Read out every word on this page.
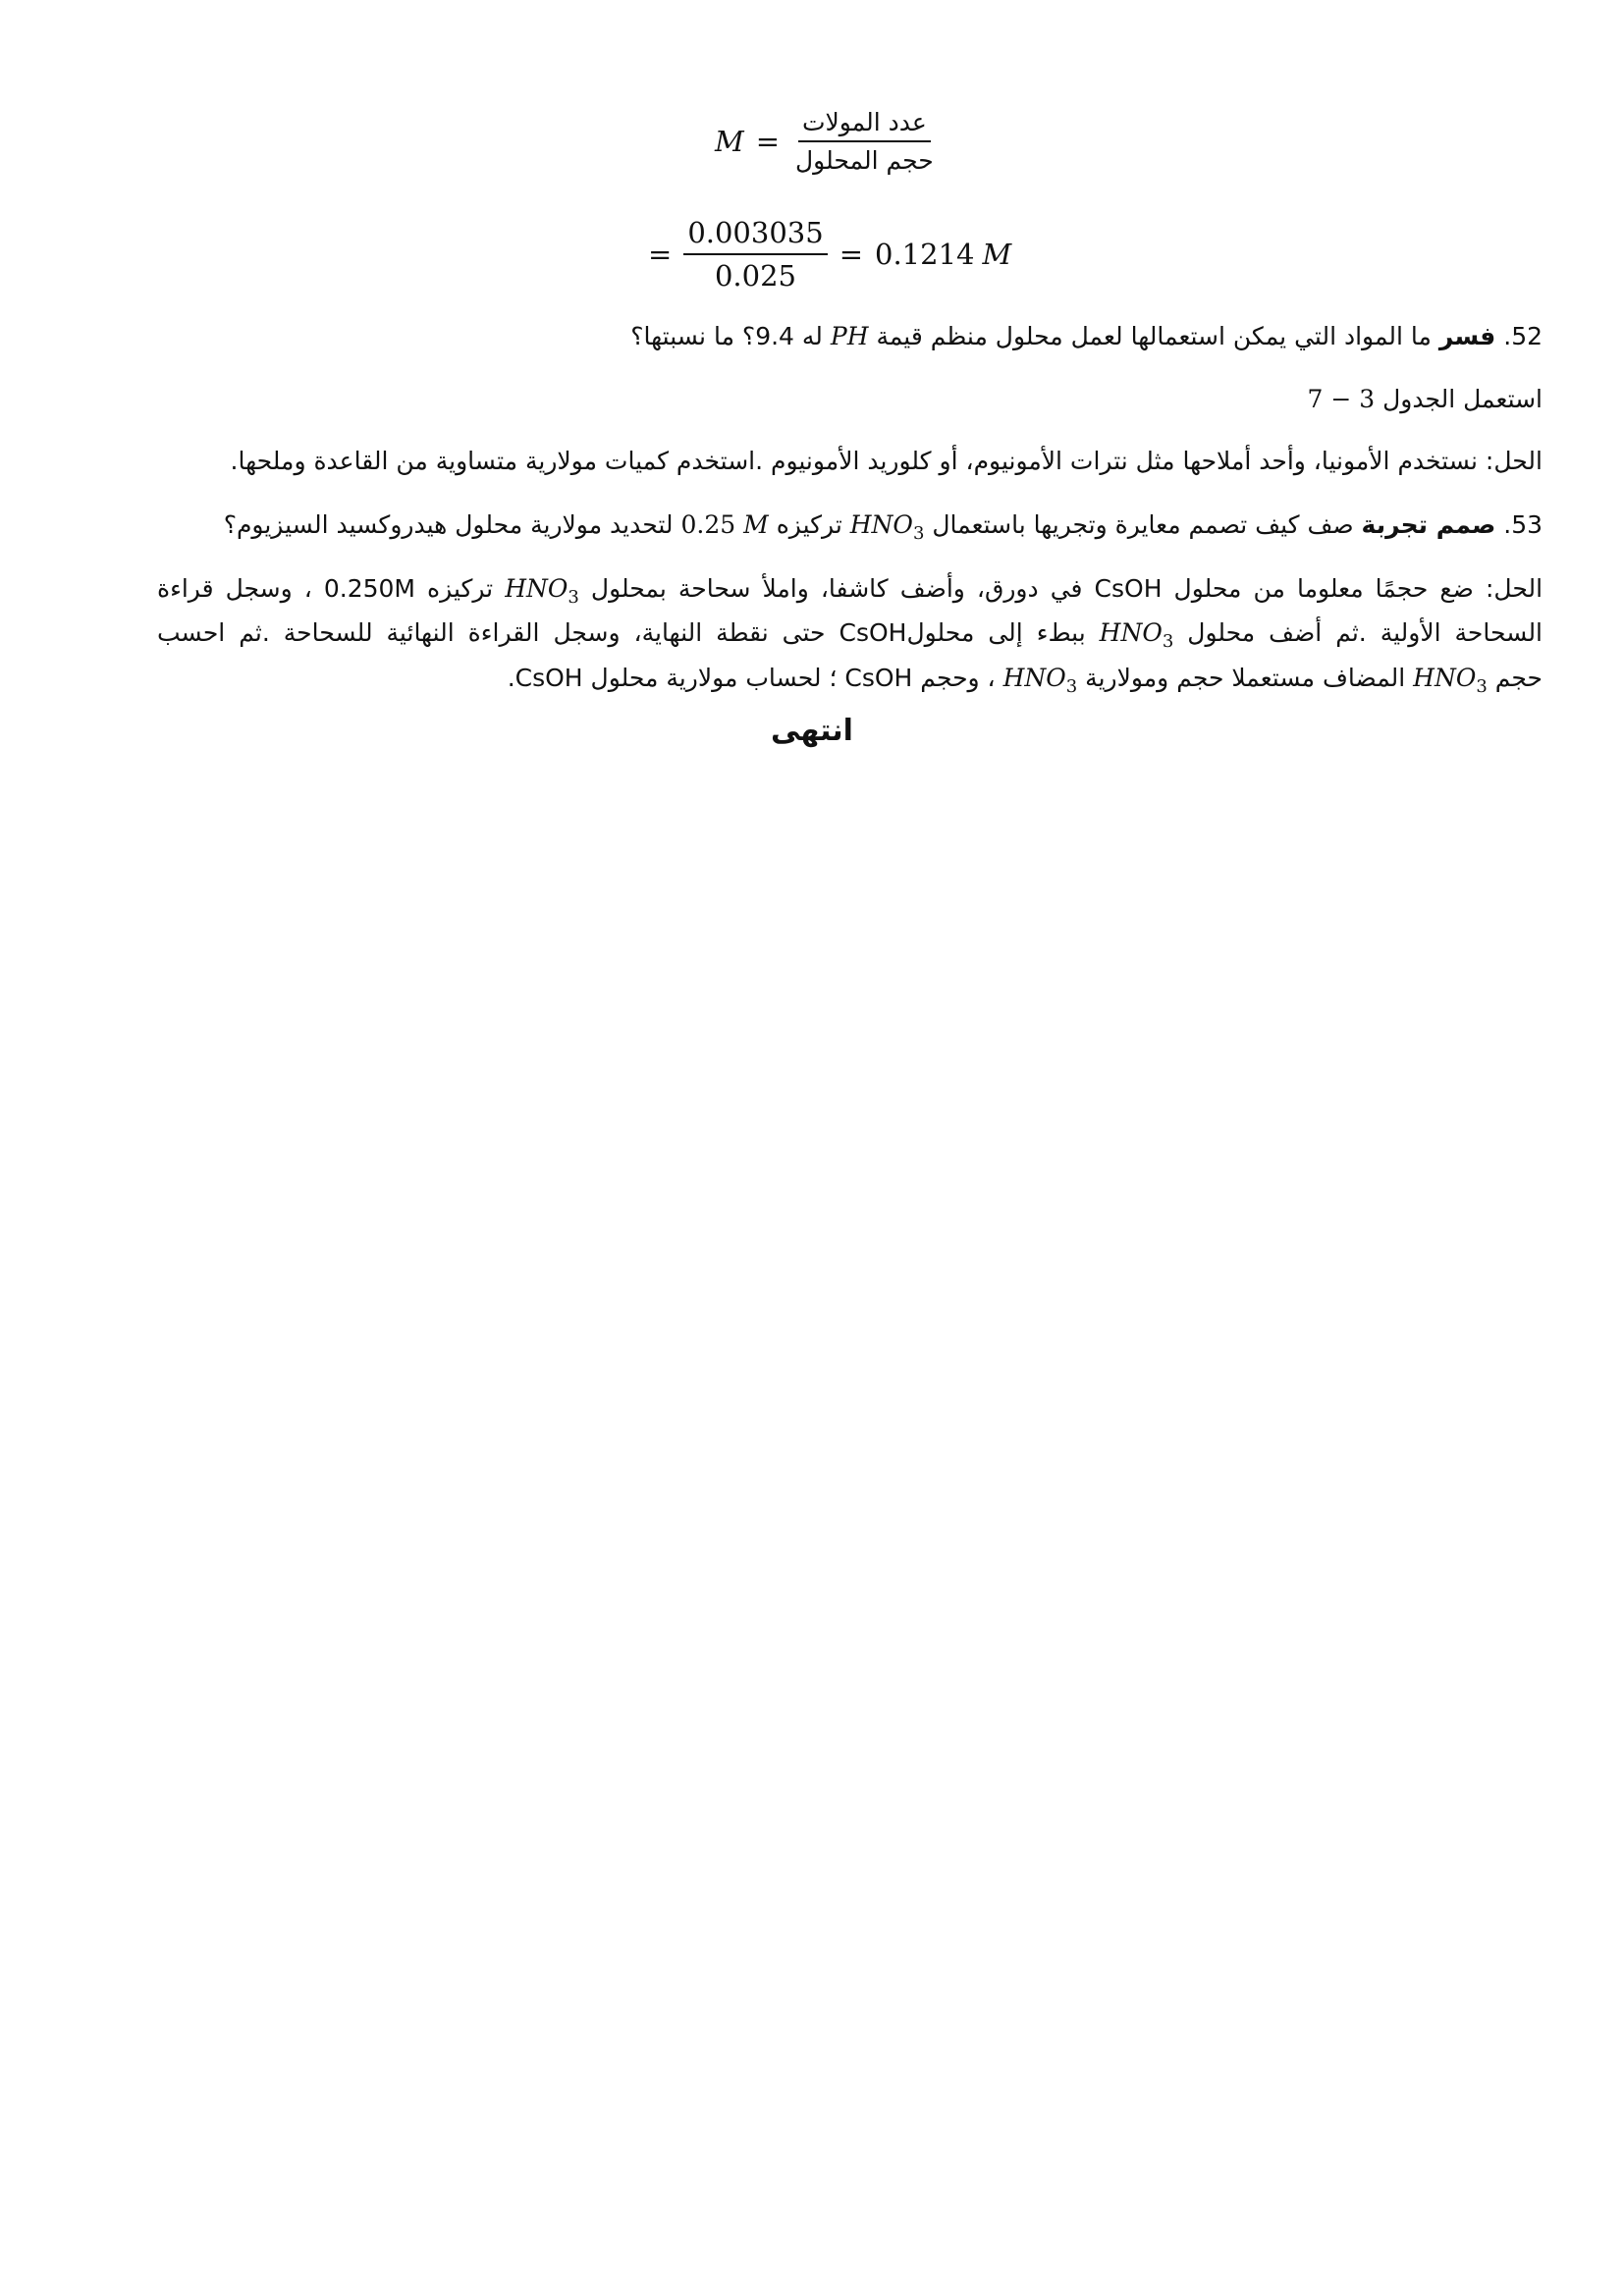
$M = \frac{\text{عدد المولات}}{\text{حجم المحلول}}$
= $\frac{0.003035}{0.025} = 0.1214$ M
52. فسر ما المواد التي يمكن استعمالها لعمل محلول منظم قيمة PH له 9.4؟ ما نسبتها؟
استعمل الجدول 7 − 3
الحل: نستخدم الأمونيا، وأحد أملاحها مثل نترات الأمونيوم، أو كلوريد الأمونيوم .استخدم كميات مولارية متساوية من القاعدة وملحها.
53. صمم تجربة صف كيف تصمم معايرة وتجريها باستعمال $HNO_3$ تركيزه 0.25 M لتحديد مولارية محلول هيدروكسيد السيزيوم؟
الحل: ضع حجمًا معلوما من محلول CsOH في دورق، وأضف كاشفا، واملأ سحاحة بمحلول $HNO_3$ تركيزه 0.250M ، وسجل قراءة
السحاحة الأولية .ثم أضف محلول $HNO_3$ ببطء إلى محلولCsOH حتى نقطة النهاية، وسجل القراءة النهائية للسحاحة .ثم احسب
حجم $HNO_3$ المضاف مستعملا حجم ومولارية $HNO_3$ ، وحجم CsOH ؛ لحساب مولارية محلول CsOH.
انتهى
